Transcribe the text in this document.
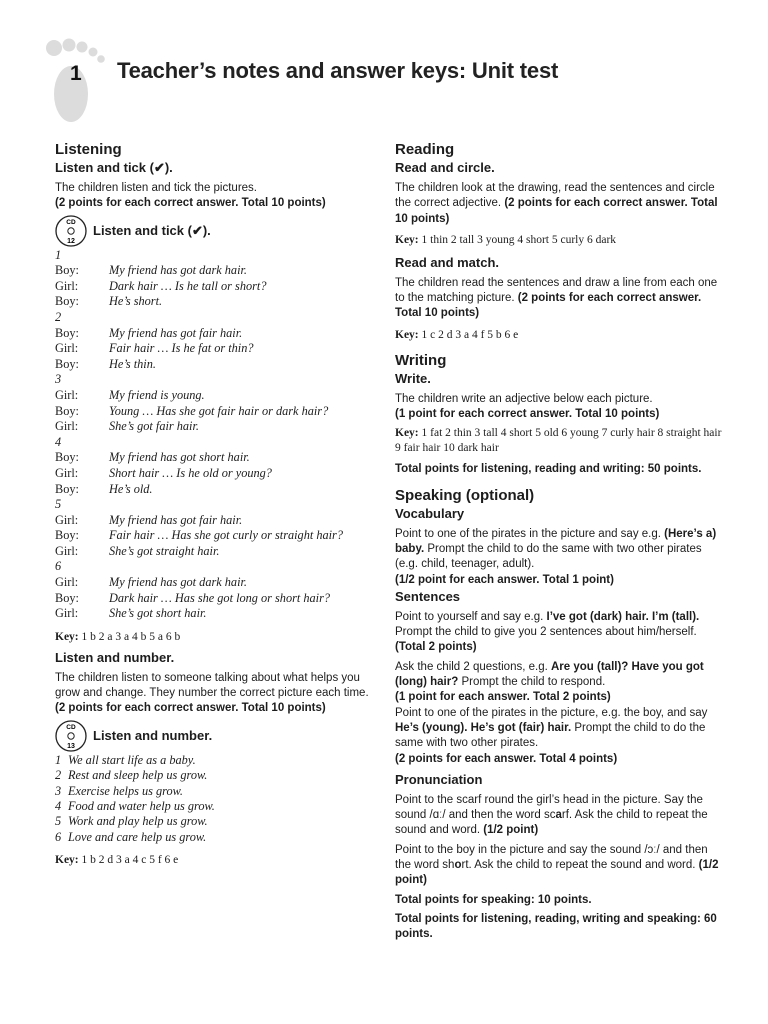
1 Teacher’s notes and answer keys: Unit test

Listening

Listen and tick (✔).

The children listen and tick the pictures.

(2 points for each correct answer. Total 10 points)

CD
12
Listen and tick (✔).
1
Boy:	My friend has got dark hair.
Girl:	Dark hair … Is he tall or short?
Boy:	He’s short.
2
Boy:	My friend has got fair hair.
Girl:	Fair hair … Is he fat or thin?
Boy:	He’s thin.
3
Girl:	My friend is young.
Boy:	Young … Has she got fair hair or dark hair?
Girl:	She’s got fair hair.
4
Boy:	My friend has got short hair.
Girl:	Short hair … Is he old or young?
Boy:	He’s old.
5
Girl:	My friend has got fair hair.
Boy:	Fair hair … Has she got curly or straight hair?
Girl:	She’s got straight hair.
6
Girl:	My friend has got dark hair.
Boy:	Dark hair … Has she got long or short hair?
Girl:	She’s got short hair.

Key: 1 b 2 a 3 a 4 b 5 a 6 b

Listen and number.

The children listen to someone talking about what helps you grow and change. They number the correct picture each time. (2 points for each correct answer. Total 10 points)

CD
13
Listen and number.
1 We all start life as a baby.
2 Rest and sleep help us grow.
3 Exercise helps us grow.
4 Food and water help us grow.
5 Work and play help us grow.
6 Love and care help us grow.

Key: 1 b 2 d 3 a 4 c 5 f 6 e

Reading

Read and circle.

The children look at the drawing, read the sentences and circle the correct adjective. (2 points for each correct answer. Total 10 points)

Key: 1 thin 2 tall 3 young 4 short 5 curly 6 dark

Read and match.

The children read the sentences and draw a line from each one to the matching picture. (2 points for each correct answer. Total 10 points)

Key: 1 c 2 d 3 a 4 f 5 b 6 e

Writing

Write.

The children write an adjective below each picture.

(1 point for each correct answer. Total 10 points)

Key: 1 fat 2 thin 3 tall 4 short 5 old 6 young 7 curly hair 8 straight hair 9 fair hair 10 dark hair

Total points for listening, reading and writing: 50 points.

Speaking (optional)

Vocabulary

Point to one of the pirates in the picture and say e.g. (Here’s a) baby. Prompt the child to do the same with two other pirates (e.g. child, teenager, adult).

(1/2 point for each answer. Total 1 point)

Sentences

Point to yourself and say e.g. I’ve got (dark) hair. I’m (tall). Prompt the child to give you 2 sentences about him/herself. (Total 2 points)

Ask the child 2 questions, e.g. Are you (tall)? Have you got (long) hair? Prompt the child to respond.

(1 point for each answer. Total 2 points)

Point to one of the pirates in the picture, e.g. the boy, and say He’s (young). He’s got (fair) hair. Prompt the child to do the same with two other pirates.

(2 points for each answer. Total 4 points)

Pronunciation

Point to the scarf round the girl’s head in the picture. Say the sound /ɑː/ and then the word scarf. Ask the child to repeat the sound and word. (1/2 point)

Point to the boy in the picture and say the sound /ɔː/ and then the word short. Ask the child to repeat the sound and word. (1/2 point)

Total points for speaking: 10 points.

Total points for listening, reading, writing and speaking: 60 points.
